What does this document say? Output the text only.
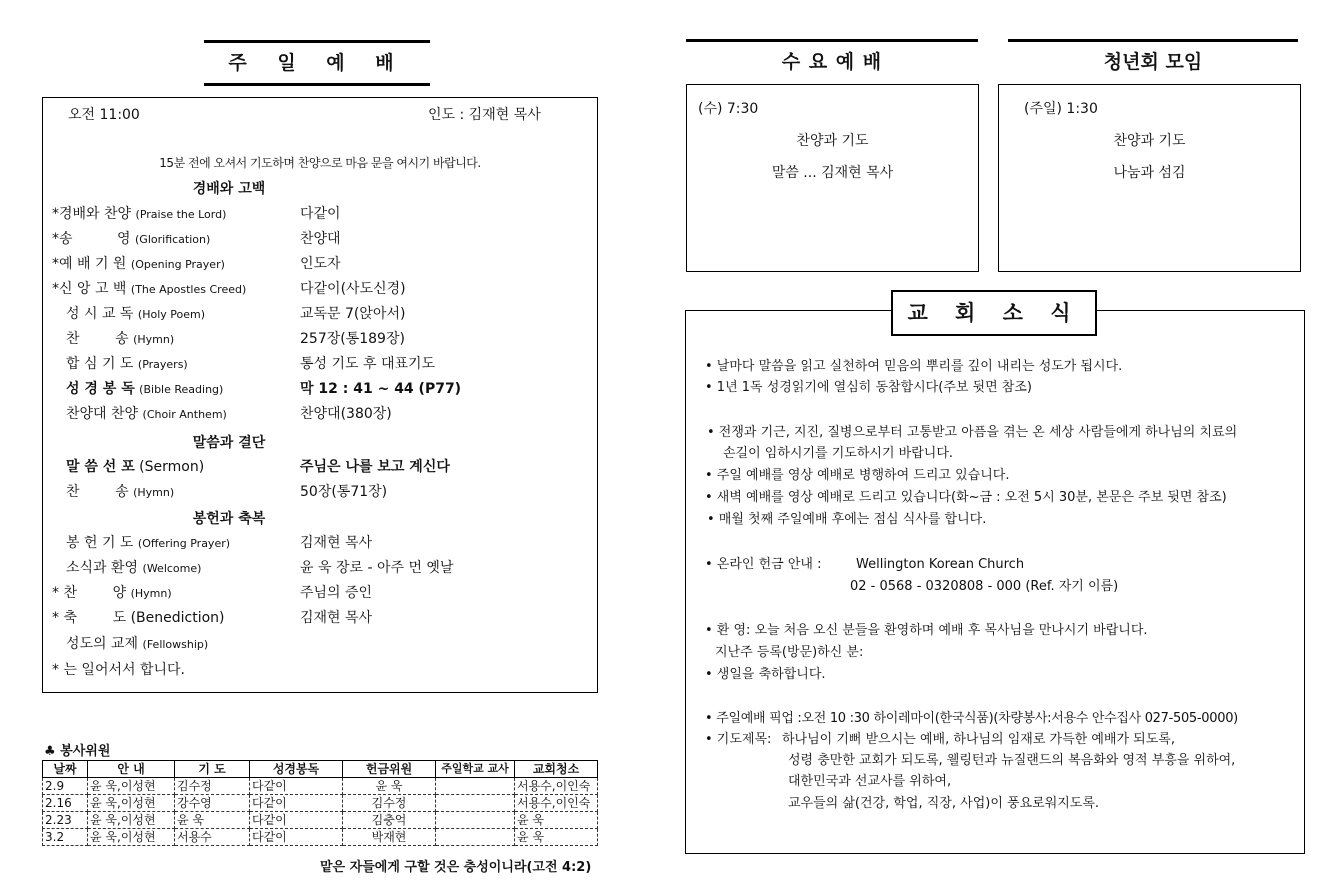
주 일 예 배
오전 11:00	인도 : 김재현 목사
15분 전에 오셔서 기도하며 찬양으로 마음 문을 여시기 바랍니다.
경배와 고백
*경배와 찬양 (Praise the Lord)	다같이
*송          영 (Glorification)	찬양대
*예 배 기 원 (Opening Prayer)	인도자
*신 앙 고 백 (The Apostles Creed)	다같이(사도신경)
성 시 교 독 (Holy Poem)	교독문 7(앉아서)
찬        송 (Hymn)	257장(통189장)
합 심 기 도 (Prayers)	통성 기도 후 대표기도
성 경 봉 독 (Bible Reading)	막 12 : 41 ~ 44 (P77)
찬양대 찬양 (Choir Anthem)	찬양대(380장)
말씀과 결단
말 씀 선 포 (Sermon)	주님은 나를 보고 계신다
찬        송 (Hymn)	50장(통71장)
봉헌과 축복
봉 헌 기 도 (Offering Prayer)	김재현 목사
소식과 환영 (Welcome)	윤 욱 장로 - 아주 먼 옛날
* 찬        양 (Hymn)	주님의 증인
* 축        도 (Benediction)	김재현 목사
성도의 교제 (Fellowship)
* 는 일어서서 합니다.
♣ 봉사위원
날짜	안 내	기 도	성경봉독	헌금위원	주일학교 교사	교회청소
2.9	윤 욱,이성현	김수정	다같이	윤 욱		서용수,이인숙
2.16	윤 욱,이성현	강수영	다같이	김수정		서용수,이인숙
2.23	윤 욱,이성현	윤 욱	다같이	김충억		윤 욱
3.2	윤 욱,이성현	서용수	다같이	박재현		윤 욱
맡은 자들에게 구할 것은 충성이니라(고전 4:2)
수 요 예 배
(수) 7:30
찬양과 기도
말씀 ... 김재현 목사
청년회 모임
(주일) 1:30
찬양과 기도
나눔과 섬김
교 회 소 식
• 날마다 말씀을 읽고 실천하여 믿음의 뿌리를 깊이 내리는 성도가 됩시다.
• 1년 1독 성경읽기에 열심히 동참합시다(주보 뒷면 참조)
• 전쟁과 기근, 지진, 질병으로부터 고통받고 아픔을 겪는 온 세상 사람들에게 하나님의 치료의
손길이 임하시기를 기도하시기 바랍니다.
• 주일 예배를 영상 예배로 병행하여 드리고 있습니다.
• 새벽 예배를 영상 예배로 드리고 있습니다(화~금 : 오전 5시 30분, 본문은 주보 뒷면 참조)
• 매월 첫째 주일예배 후에는 점심 식사를 합니다.
• 온라인 헌금 안내 :	Wellington Korean Church
02 - 0568 - 0320808 - 000 (Ref. 자기 이름)
• 환 영: 오늘 처음 오신 분들을 환영하며 예배 후 목사님을 만나시기 바랍니다.
지난주 등록(방문)하신 분:
• 생일을 축하합니다.
• 주일예배 픽업 :오전 10 :30 하이레마이(한국식품)(차량봉사:서용수 안수집사 027-505-0000)
• 기도제목: 하나님이 기뻐 받으시는 예배, 하나님의 임재로 가득한 예배가 되도록,
성령 충만한 교회가 되도록, 웰링턴과 뉴질랜드의 복음화와 영적 부흥을 위하여,
대한민국과 선교사를 위하여,
교우들의 삶(건강, 학업, 직장, 사업)이 풍요로워지도록.
